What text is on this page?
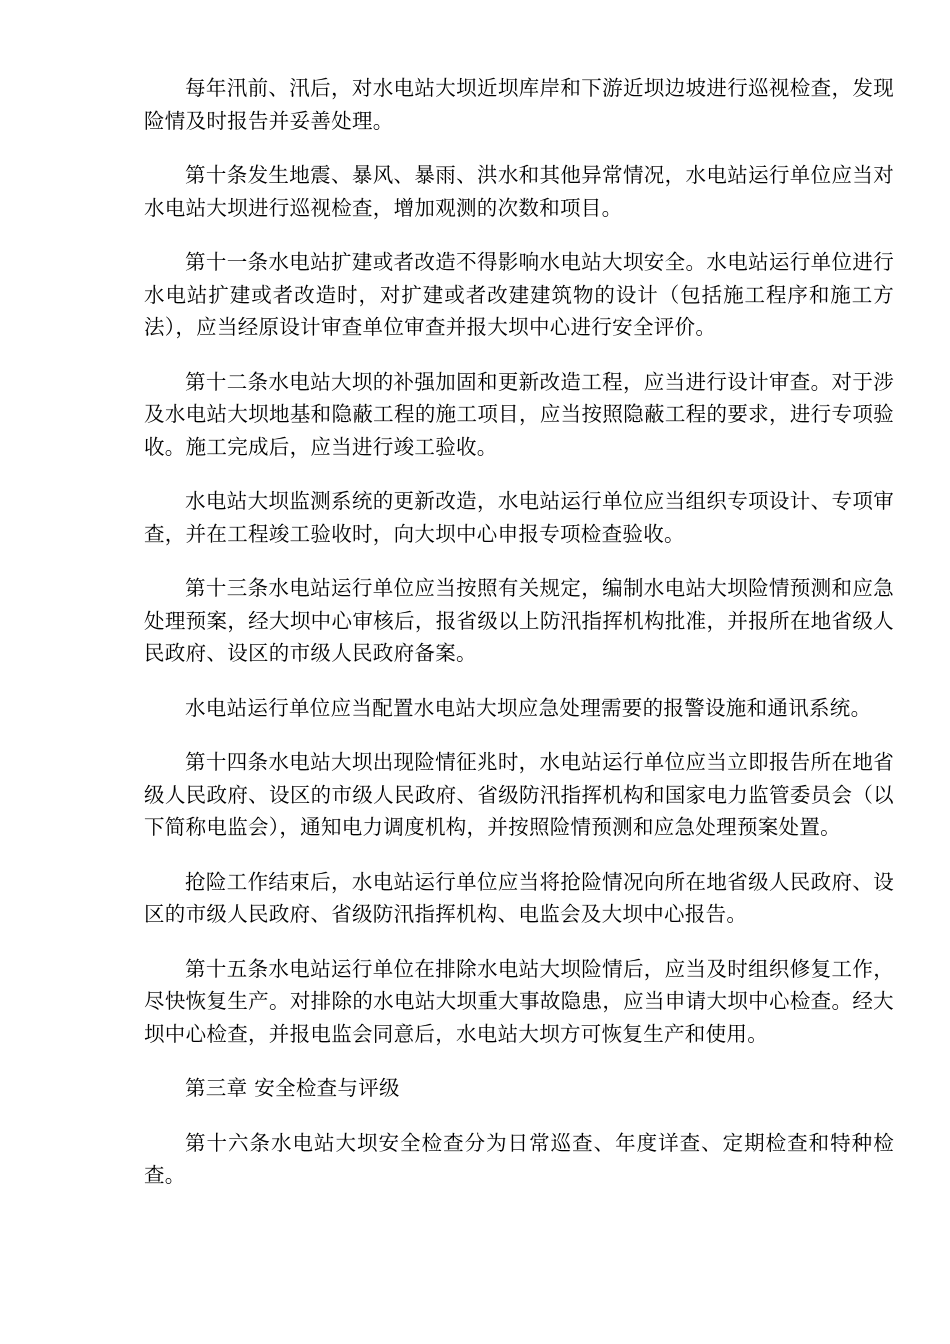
每年汛前、汛后，对水电站大坝近坝库岸和下游近坝边坡进行巡视检查，发现险情及时报告并妥善处理。

第十条发生地震、暴风、暴雨、洪水和其他异常情况，水电站运行单位应当对水电站大坝进行巡视检查，增加观测的次数和项目。

第十一条水电站扩建或者改造不得影响水电站大坝安全。水电站运行单位进行水电站扩建或者改造时，对扩建或者改建建筑物的设计（包括施工程序和施工方法），应当经原设计审查单位审查并报大坝中心进行安全评价。

第十二条水电站大坝的补强加固和更新改造工程，应当进行设计审查。对于涉及水电站大坝地基和隐蔽工程的施工项目，应当按照隐蔽工程的要求，进行专项验收。施工完成后，应当进行竣工验收。

水电站大坝监测系统的更新改造，水电站运行单位应当组织专项设计、专项审查，并在工程竣工验收时，向大坝中心申报专项检查验收。

第十三条水电站运行单位应当按照有关规定，编制水电站大坝险情预测和应急处理预案，经大坝中心审核后，报省级以上防汛指挥机构批准，并报所在地省级人民政府、设区的市级人民政府备案。

水电站运行单位应当配置水电站大坝应急处理需要的报警设施和通讯系统。

第十四条水电站大坝出现险情征兆时，水电站运行单位应当立即报告所在地省级人民政府、设区的市级人民政府、省级防汛指挥机构和国家电力监管委员会（以下简称电监会），通知电力调度机构，并按照险情预测和应急处理预案处置。

抢险工作结束后，水电站运行单位应当将抢险情况向所在地省级人民政府、设区的市级人民政府、省级防汛指挥机构、电监会及大坝中心报告。

第十五条水电站运行单位在排除水电站大坝险情后，应当及时组织修复工作，尽快恢复生产。对排除的水电站大坝重大事故隐患，应当申请大坝中心检查。经大坝中心检查，并报电监会同意后，水电站大坝方可恢复生产和使用。

第三章 安全检查与评级

第十六条水电站大坝安全检查分为日常巡查、年度详查、定期检查和特种检查。
